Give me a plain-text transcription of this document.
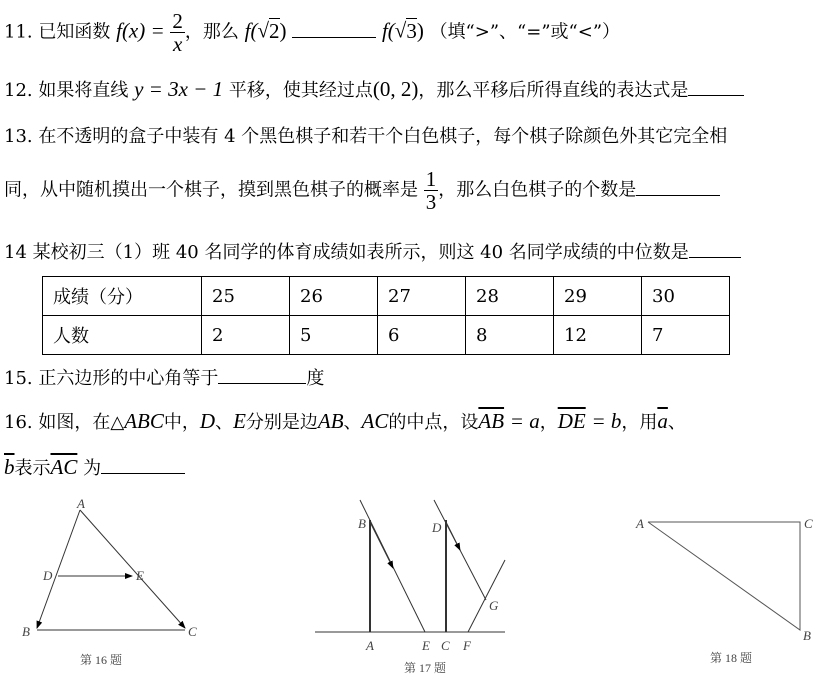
11. 已知函数 $f(x) = \frac{2}{x}$ ，那么 f(√2)	f(√3) （填“>”、“=”或“<”）
12. 如果将直线 y = 3x − 1 平移，使其经过点(0, 2)，那么平移后所得直线的表达式是
13. 在不透明的盒子中装有 4 个黑色棋子和若干个白色棋子，每个棋子除颜色外其它完全相
同，从中随机摸出一个棋子，摸到黑色棋子的概率是 $\frac{1}{3}$ ，那么白色棋子的个数是
14 某校初三（1）班 40 名同学的体育成绩如表所示，则这 40 名同学成绩的中位数是
成绩（分）	25	26	27	28	29	30
人数	2	5	6	8	12	7
15. 正六边形的中心角等于	度
16. 如图，在△ABC中，D、E分别是边AB、AC的中点，设$\overline{AB} = a$，$\overline{DE} = b$，用$\overline{a}$、
$\overline{b}$表示$\overline{AC}$ 为
A
B	C
D	E
第 16 题
A
B
C
D
E	F
G
第 17 题
A
B
C
第 18 题
